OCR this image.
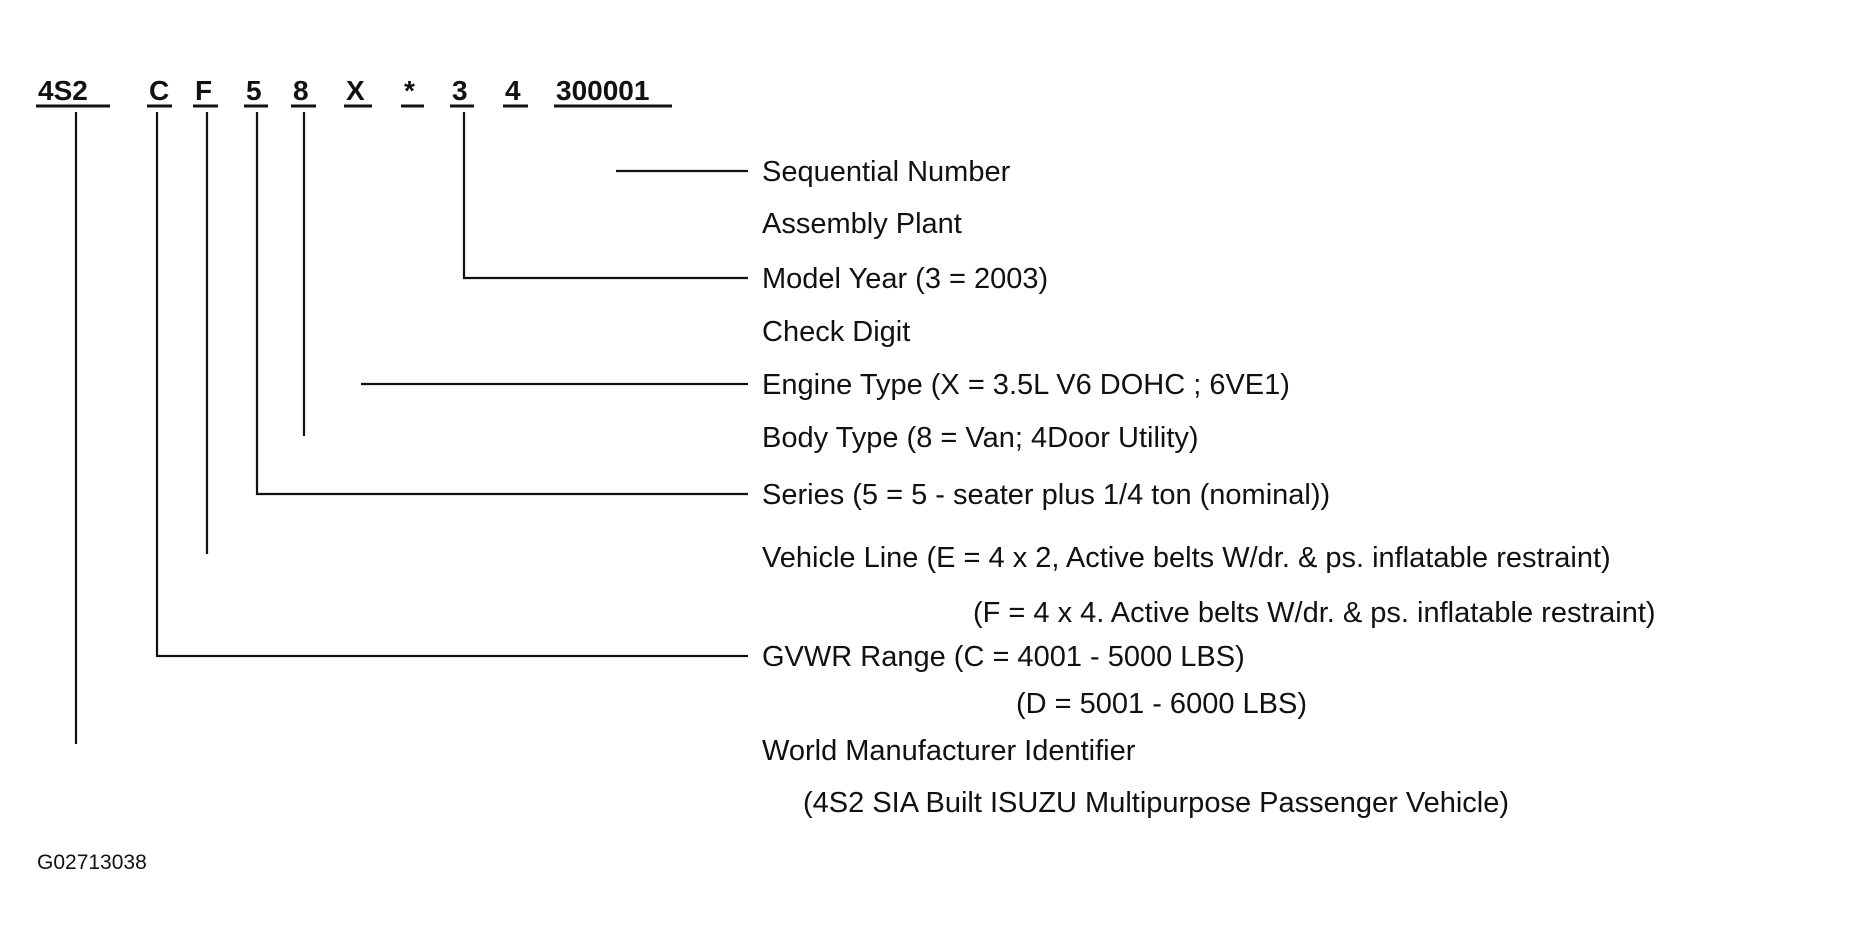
4S2 C F 5 8 X * 3 4 300001
Sequential Number
Assembly Plant
Model Year (3 = 2003)
Check Digit
Engine Type (X = 3.5L V6 DOHC ; 6VE1)
Body Type (8 = Van; 4Door Utility)
Series (5 = 5 - seater plus 1/4 ton (nominal))
Vehicle Line (E = 4 x 2, Active belts W/dr. & ps. inflatable restraint)
(F = 4 x 4. Active belts W/dr. & ps. inflatable restraint)
GVWR Range (C = 4001 - 5000 LBS)
(D = 5001 - 6000 LBS)
World Manufacturer Identifier
(4S2 SIA Built ISUZU Multipurpose Passenger Vehicle)
G02713038
